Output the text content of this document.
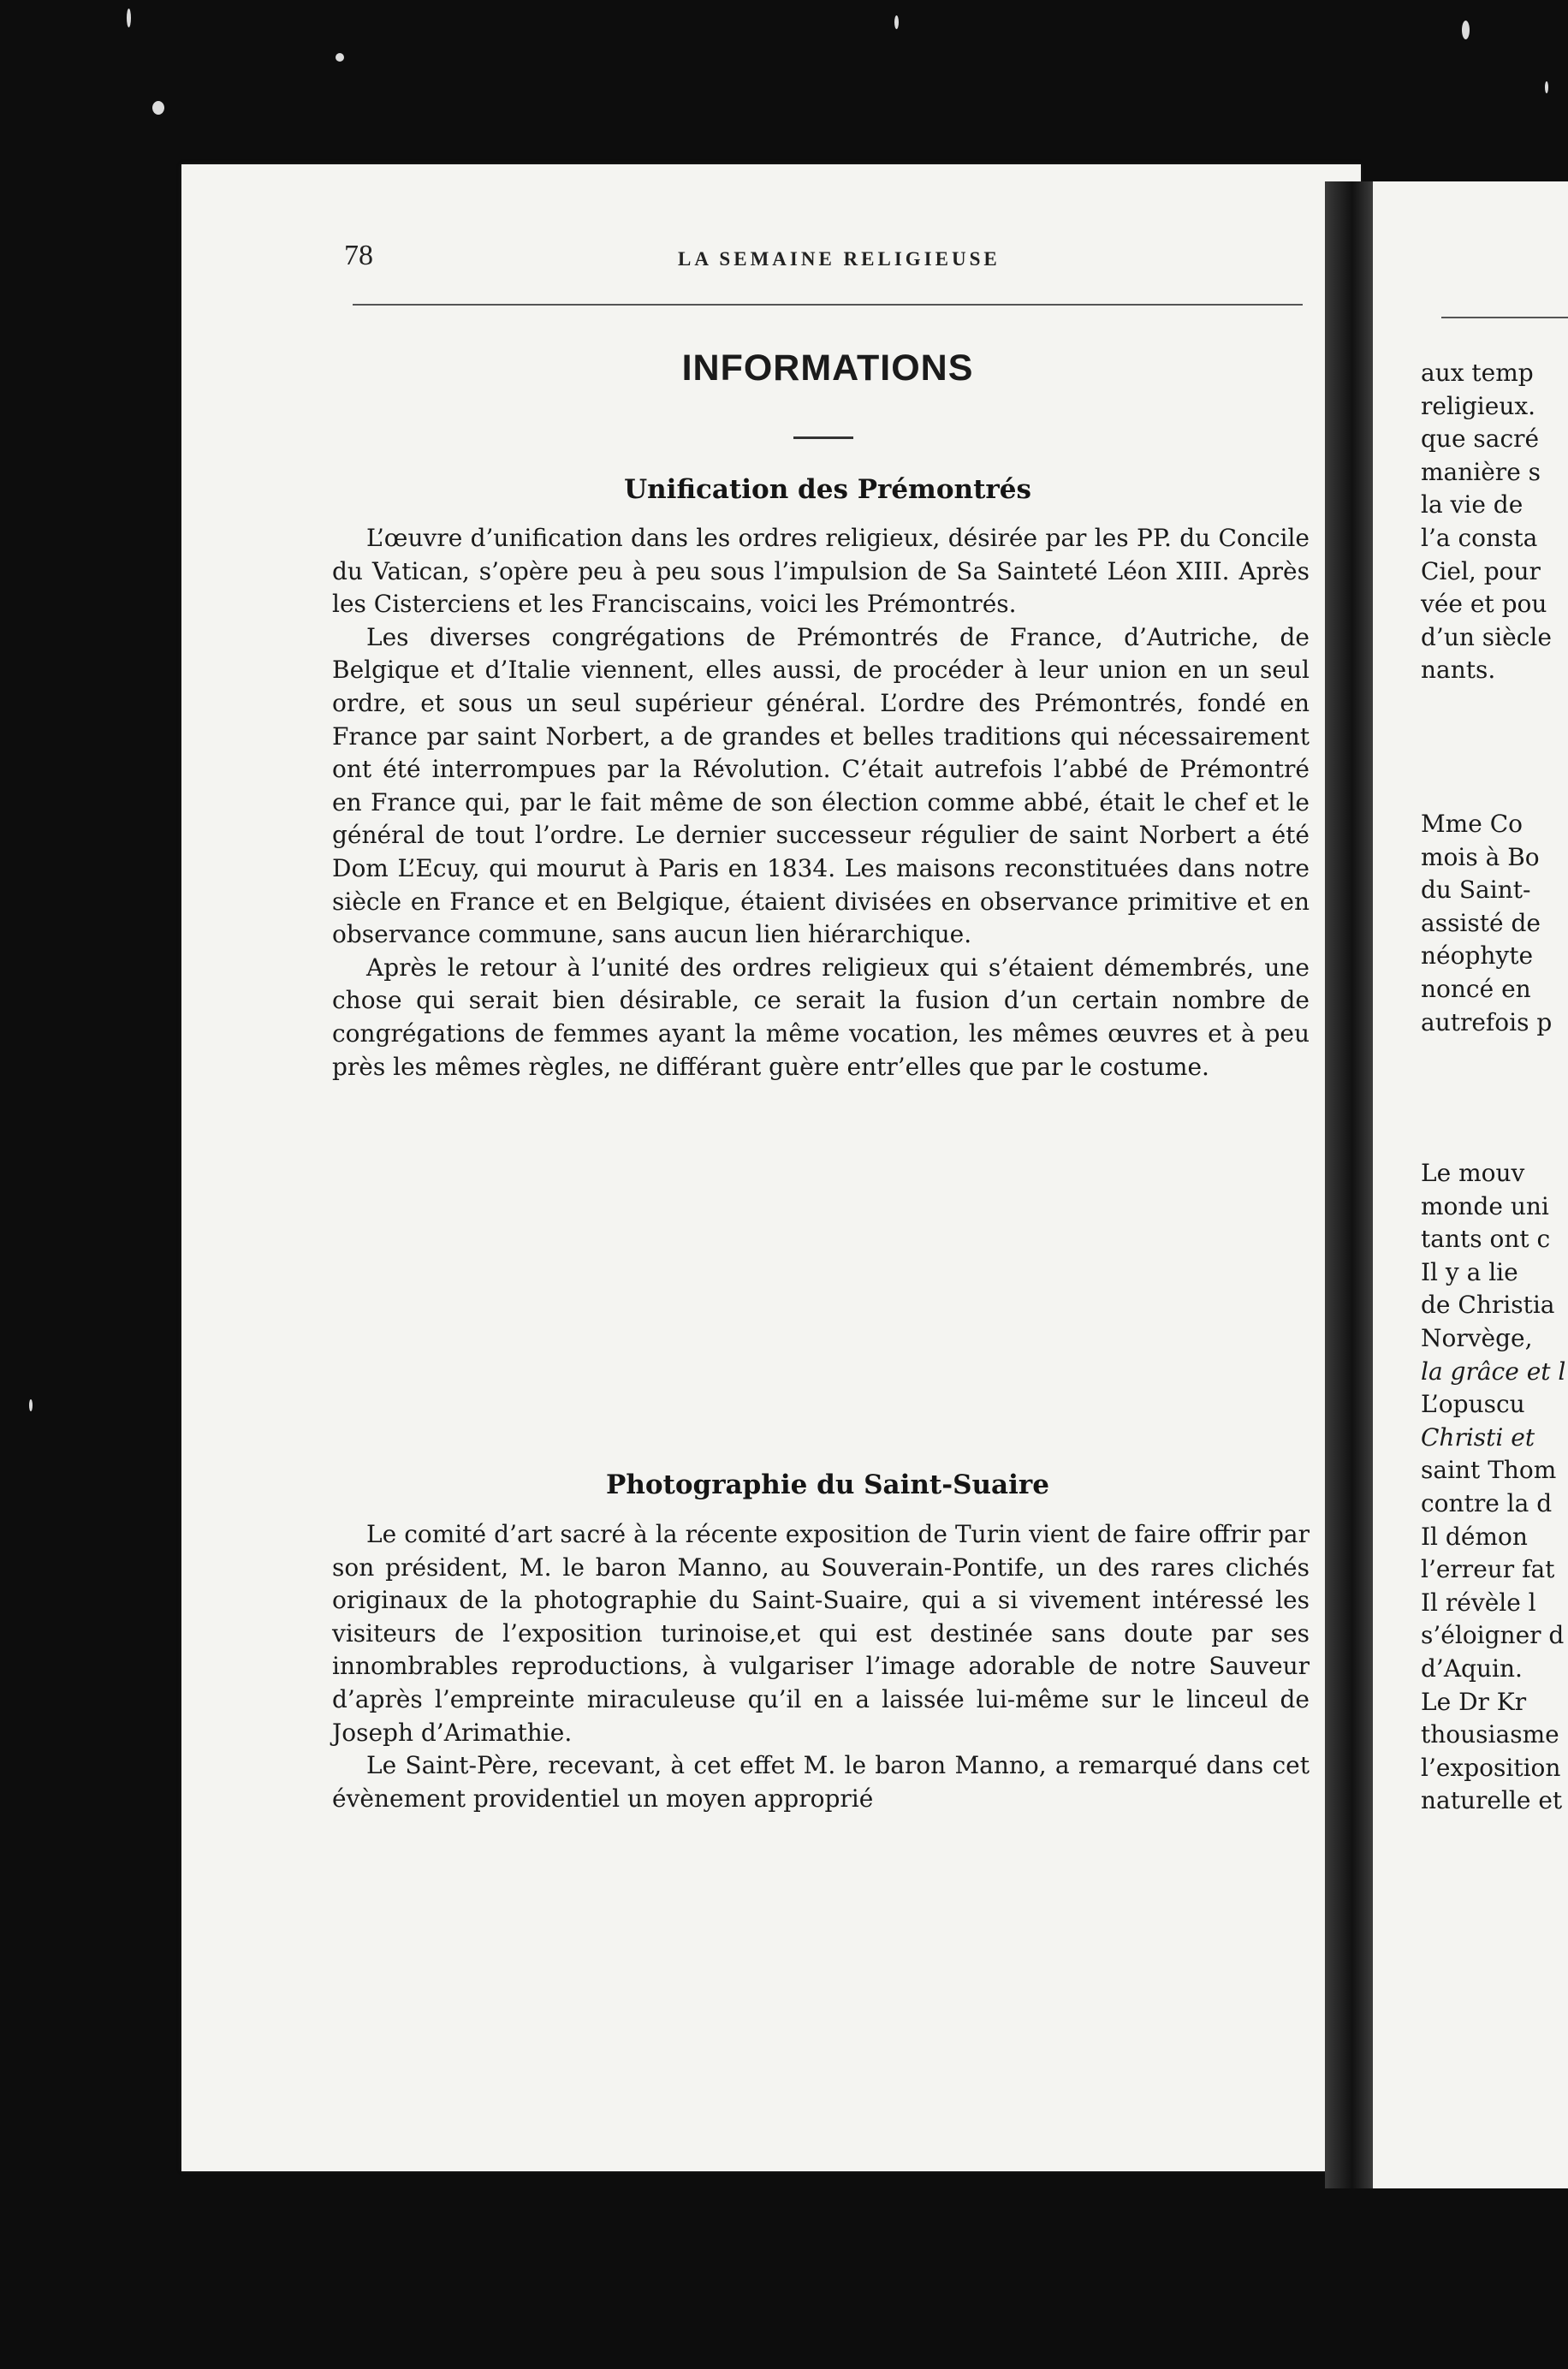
78	LA SEMAINE RELIGIEUSE
INFORMATIONS
Unification des Prémontrés

L’œuvre d’unification dans les ordres religieux, désirée par les PP. du Concile du Vatican, s’opère peu à peu sous l’impulsion de Sa Sainteté Léon XIII. Après les Cisterciens et les Franciscains, voici les Prémontrés.

Les diverses congrégations de Prémontrés de France, d’Autriche, de Belgique et d’Italie viennent, elles aussi, de procéder à leur union en un seul ordre, et sous un seul supérieur général. L’ordre des Prémontrés, fondé en France par saint Norbert, a de grandes et belles traditions qui nécessairement ont été interrompues par la Révolution. C’était autrefois l’abbé de Prémontré en France qui, par le fait même de son élection comme abbé, était le chef et le général de tout l’ordre. Le dernier successeur régulier de saint Norbert a été Dom L’Ecuy, qui mourut à Paris en 1834. Les maisons reconstituées dans notre siècle en France et en Belgique, étaient divisées en observance primitive et en observance commune, sans aucun lien hiérarchique.

Après le retour à l’unité des ordres religieux qui s’étaient démembrés, une chose qui serait bien désirable, ce serait la fusion d’un certain nombre de congrégations de femmes ayant la même vocation, les mêmes œuvres et à peu près les mêmes règles, ne différant guère entr’elles que par le costume.

Photographie du Saint-Suaire

Le comité d’art sacré à la récente exposition de Turin vient de faire offrir par son président, M. le baron Manno, au Souverain-Pontife, un des rares clichés originaux de la photographie du Saint-Suaire, qui a si vivement intéressé les visiteurs de l’exposition turinoise,et qui est destinée sans doute par ses innombrables reproductions, à vulgariser l’image adorable de notre Sauveur d’après l’empreinte miraculeuse qu’il en a laissée lui-même sur le linceul de Joseph d’Arimathie.

Le Saint-Père, recevant, à cet effet M. le baron Manno, a remarqué dans cet évènement providentiel un moyen approprié

aux temp
religieux.
que sacré
manière s
la vie de
l’a consta
Ciel, pour
vée et pou
d’un siècle
nants.
Mme Co
mois à Bo
du Saint-
assisté de
néophyte
noncé en
autrefois p
Le mouv
monde uni
tants ont c
Il y a lie
de Christia
Norvège,
la grâce et l
L’opuscu
Christi et
saint Thom
contre la d
Il démon
l’erreur fat
Il révèle l
s’éloigner d
d’Aquin.
Le Dr Kr
thousiasme
l’exposition
naturelle et
